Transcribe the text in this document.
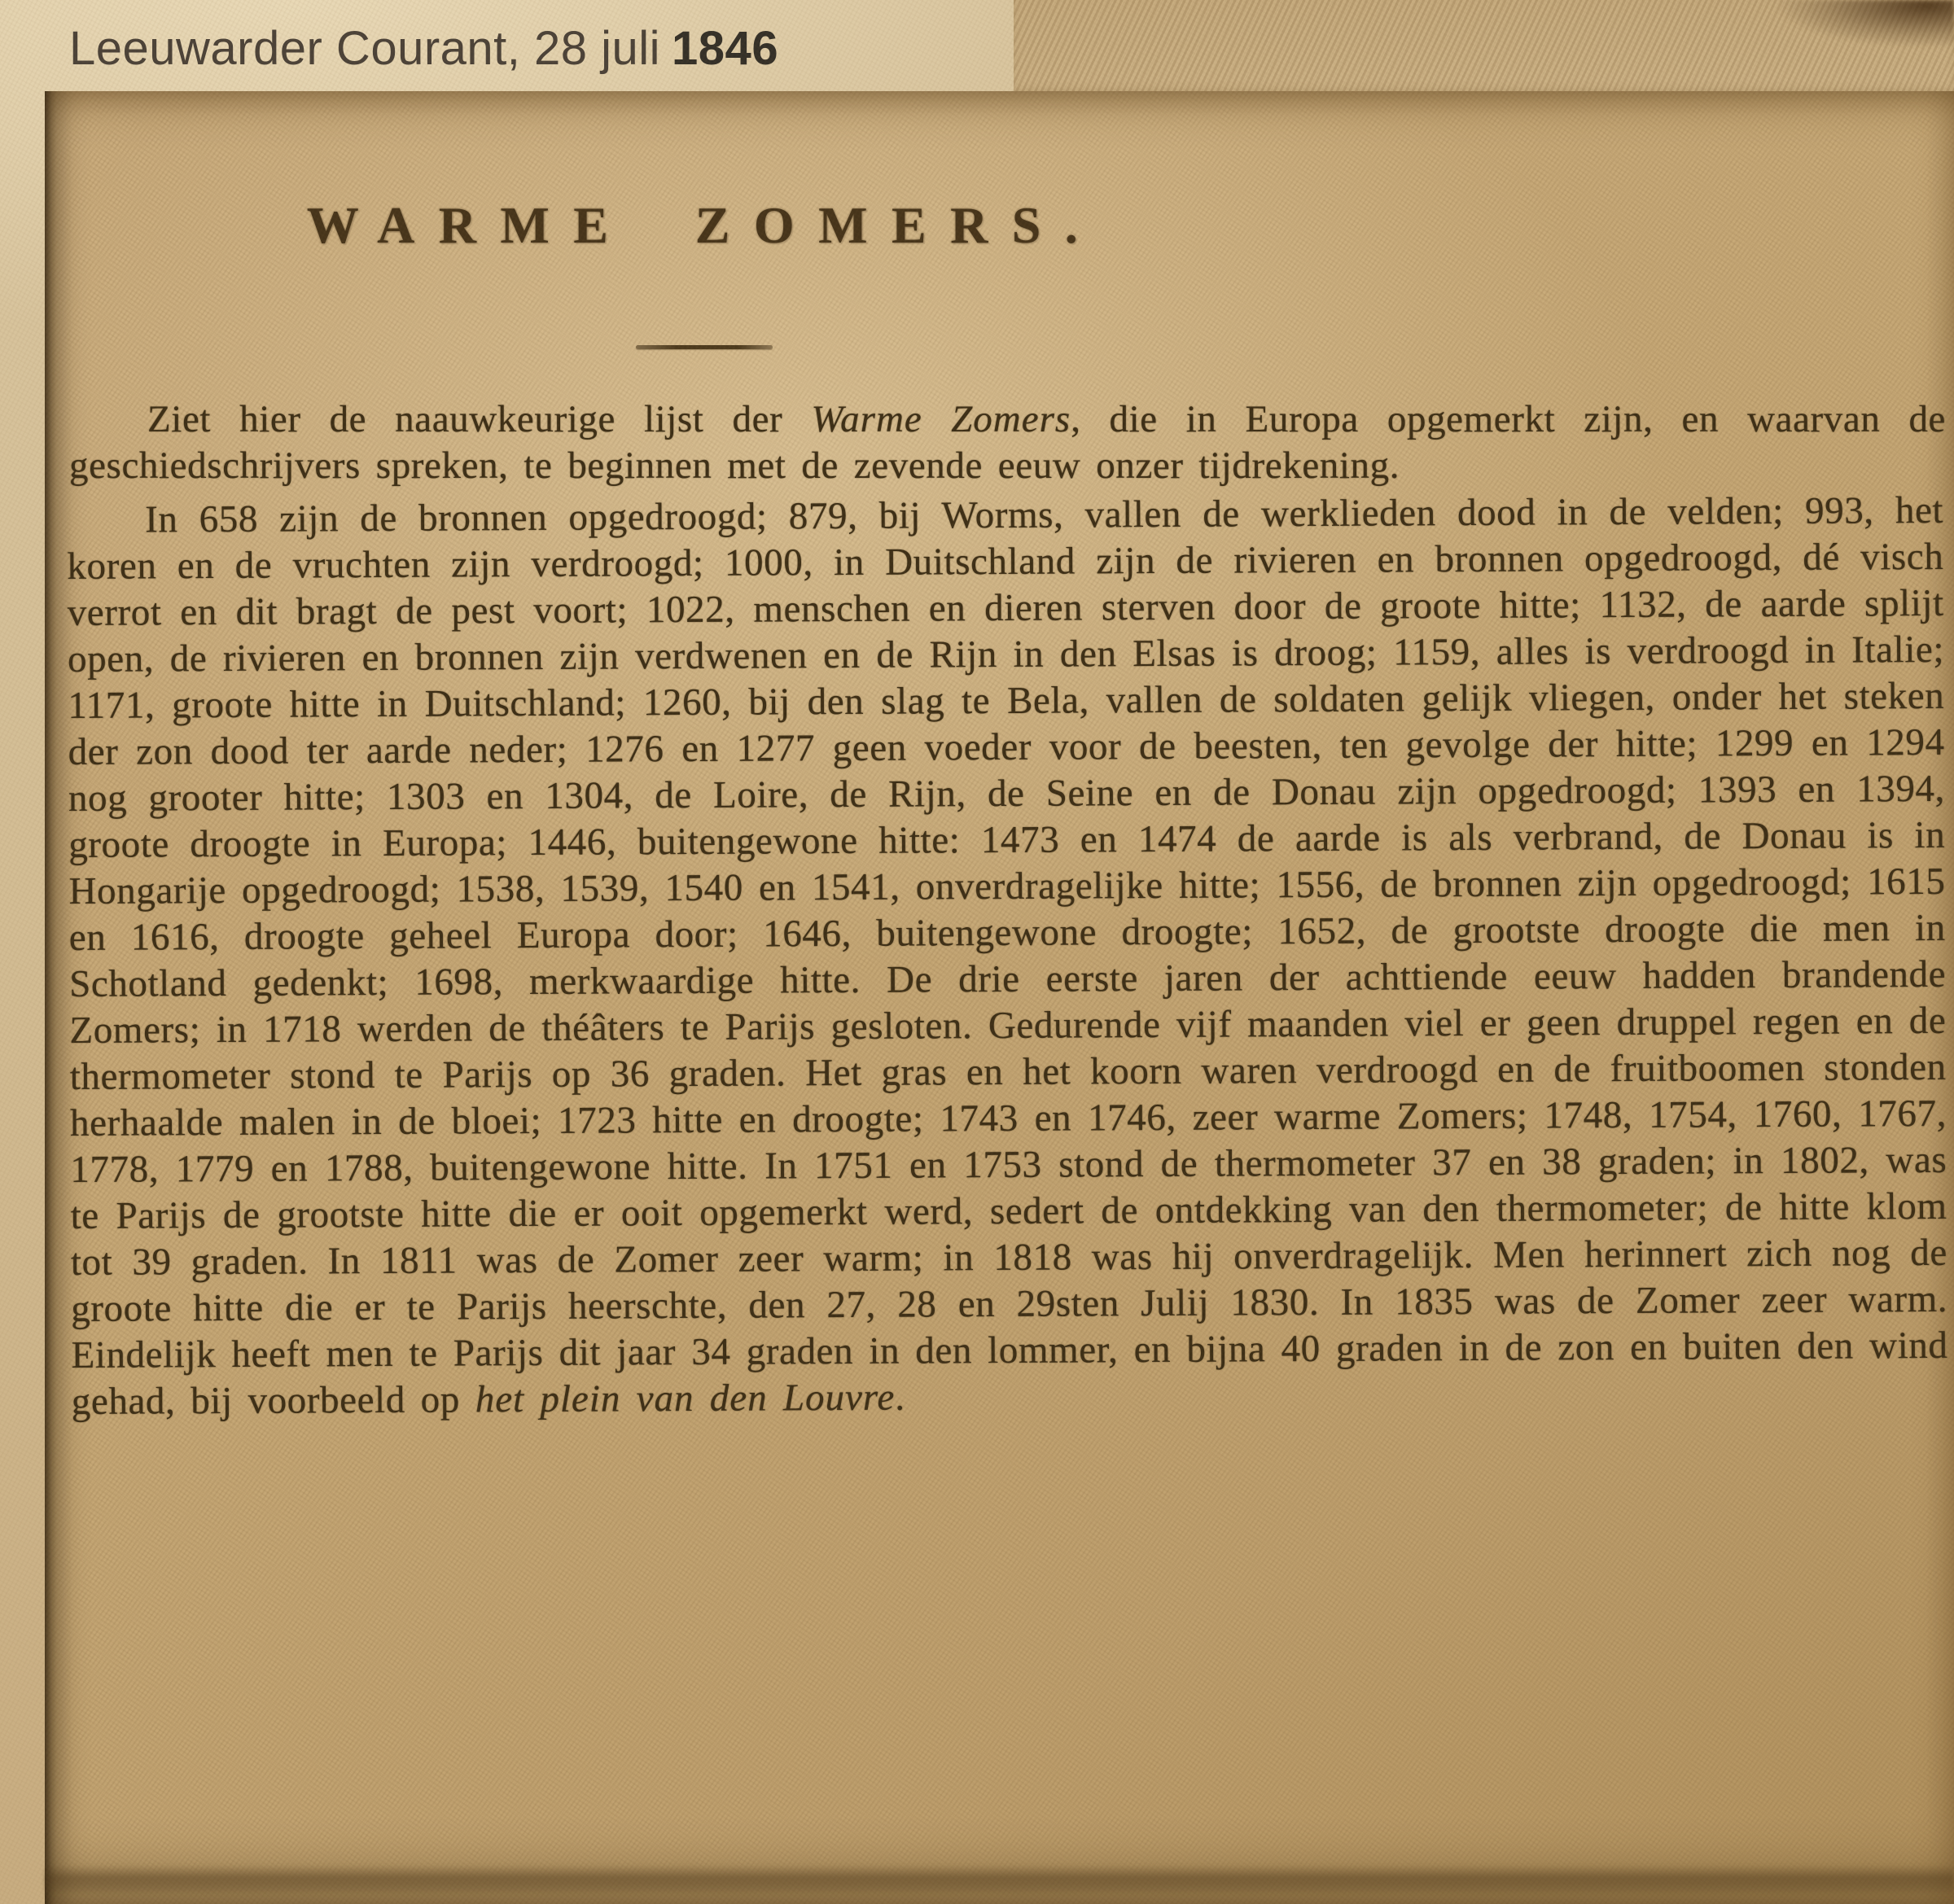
Leeuwarder Courant, 28 juli 1846
WARME ZOMERS.

Ziet hier de naauwkeurige lijst der Warme Zomers, die in Europa opgemerkt zijn, en waarvan de geschiedschrijvers spreken, te beginnen met de zevende eeuw onzer tijdrekening.

In 658 zijn de bronnen opgedroogd; 879, bij Worms, vallen de werklieden dood in de velden; 993, het koren en de vruchten zijn verdroogd; 1000, in Duitschland zijn de rivieren en bronnen opgedroogd, dé visch verrot en dit bragt de pest voort; 1022, menschen en dieren sterven door de groote hitte; 1132, de aarde splijt open, de rivieren en bronnen zijn verdwenen en de Rijn in den Elsas is droog; 1159, alles is verdroogd in Italie; 1171, groote hitte in Duitschland; 1260, bij den slag te Bela, vallen de soldaten gelijk vliegen, onder het steken der zon dood ter aarde neder; 1276 en 1277 geen voeder voor de beesten, ten gevolge der hitte; 1299 en 1294 nog grooter hitte; 1303 en 1304, de Loire, de Rijn, de Seine en de Donau zijn opgedroogd; 1393 en 1394, groote droogte in Europa; 1446, buitengewone hitte: 1473 en 1474 de aarde is als verbrand, de Donau is in Hongarije opgedroogd; 1538, 1539, 1540 en 1541, onverdragelijke hitte; 1556, de bronnen zijn opgedroogd; 1615 en 1616, droogte geheel Europa door; 1646, buitengewone droogte; 1652, de grootste droogte die men in Schotland gedenkt; 1698, merkwaardige hitte. De drie eerste jaren der achttiende eeuw hadden brandende Zomers; in 1718 werden de théâters te Parijs gesloten. Gedurende vijf maanden viel er geen druppel regen en de thermometer stond te Parijs op 36 graden. Het gras en het koorn waren verdroogd en de fruitboomen stonden herhaalde malen in de bloei; 1723 hitte en droogte; 1743 en 1746, zeer warme Zomers; 1748, 1754, 1760, 1767, 1778, 1779 en 1788, buitengewone hitte. In 1751 en 1753 stond de thermometer 37 en 38 graden; in 1802, was te Parijs de grootste hitte die er ooit opgemerkt werd, sedert de ontdekking van den thermometer; de hitte klom tot 39 graden. In 1811 was de Zomer zeer warm; in 1818 was hij onverdragelijk. Men herinnert zich nog de groote hitte die er te Parijs heerschte, den 27, 28 en 29sten Julij 1830. In 1835 was de Zomer zeer warm. Eindelijk heeft men te Parijs dit jaar 34 graden in den lommer, en bijna 40 graden in de zon en buiten den wind gehad, bij voorbeeld op het plein van den Louvre.
